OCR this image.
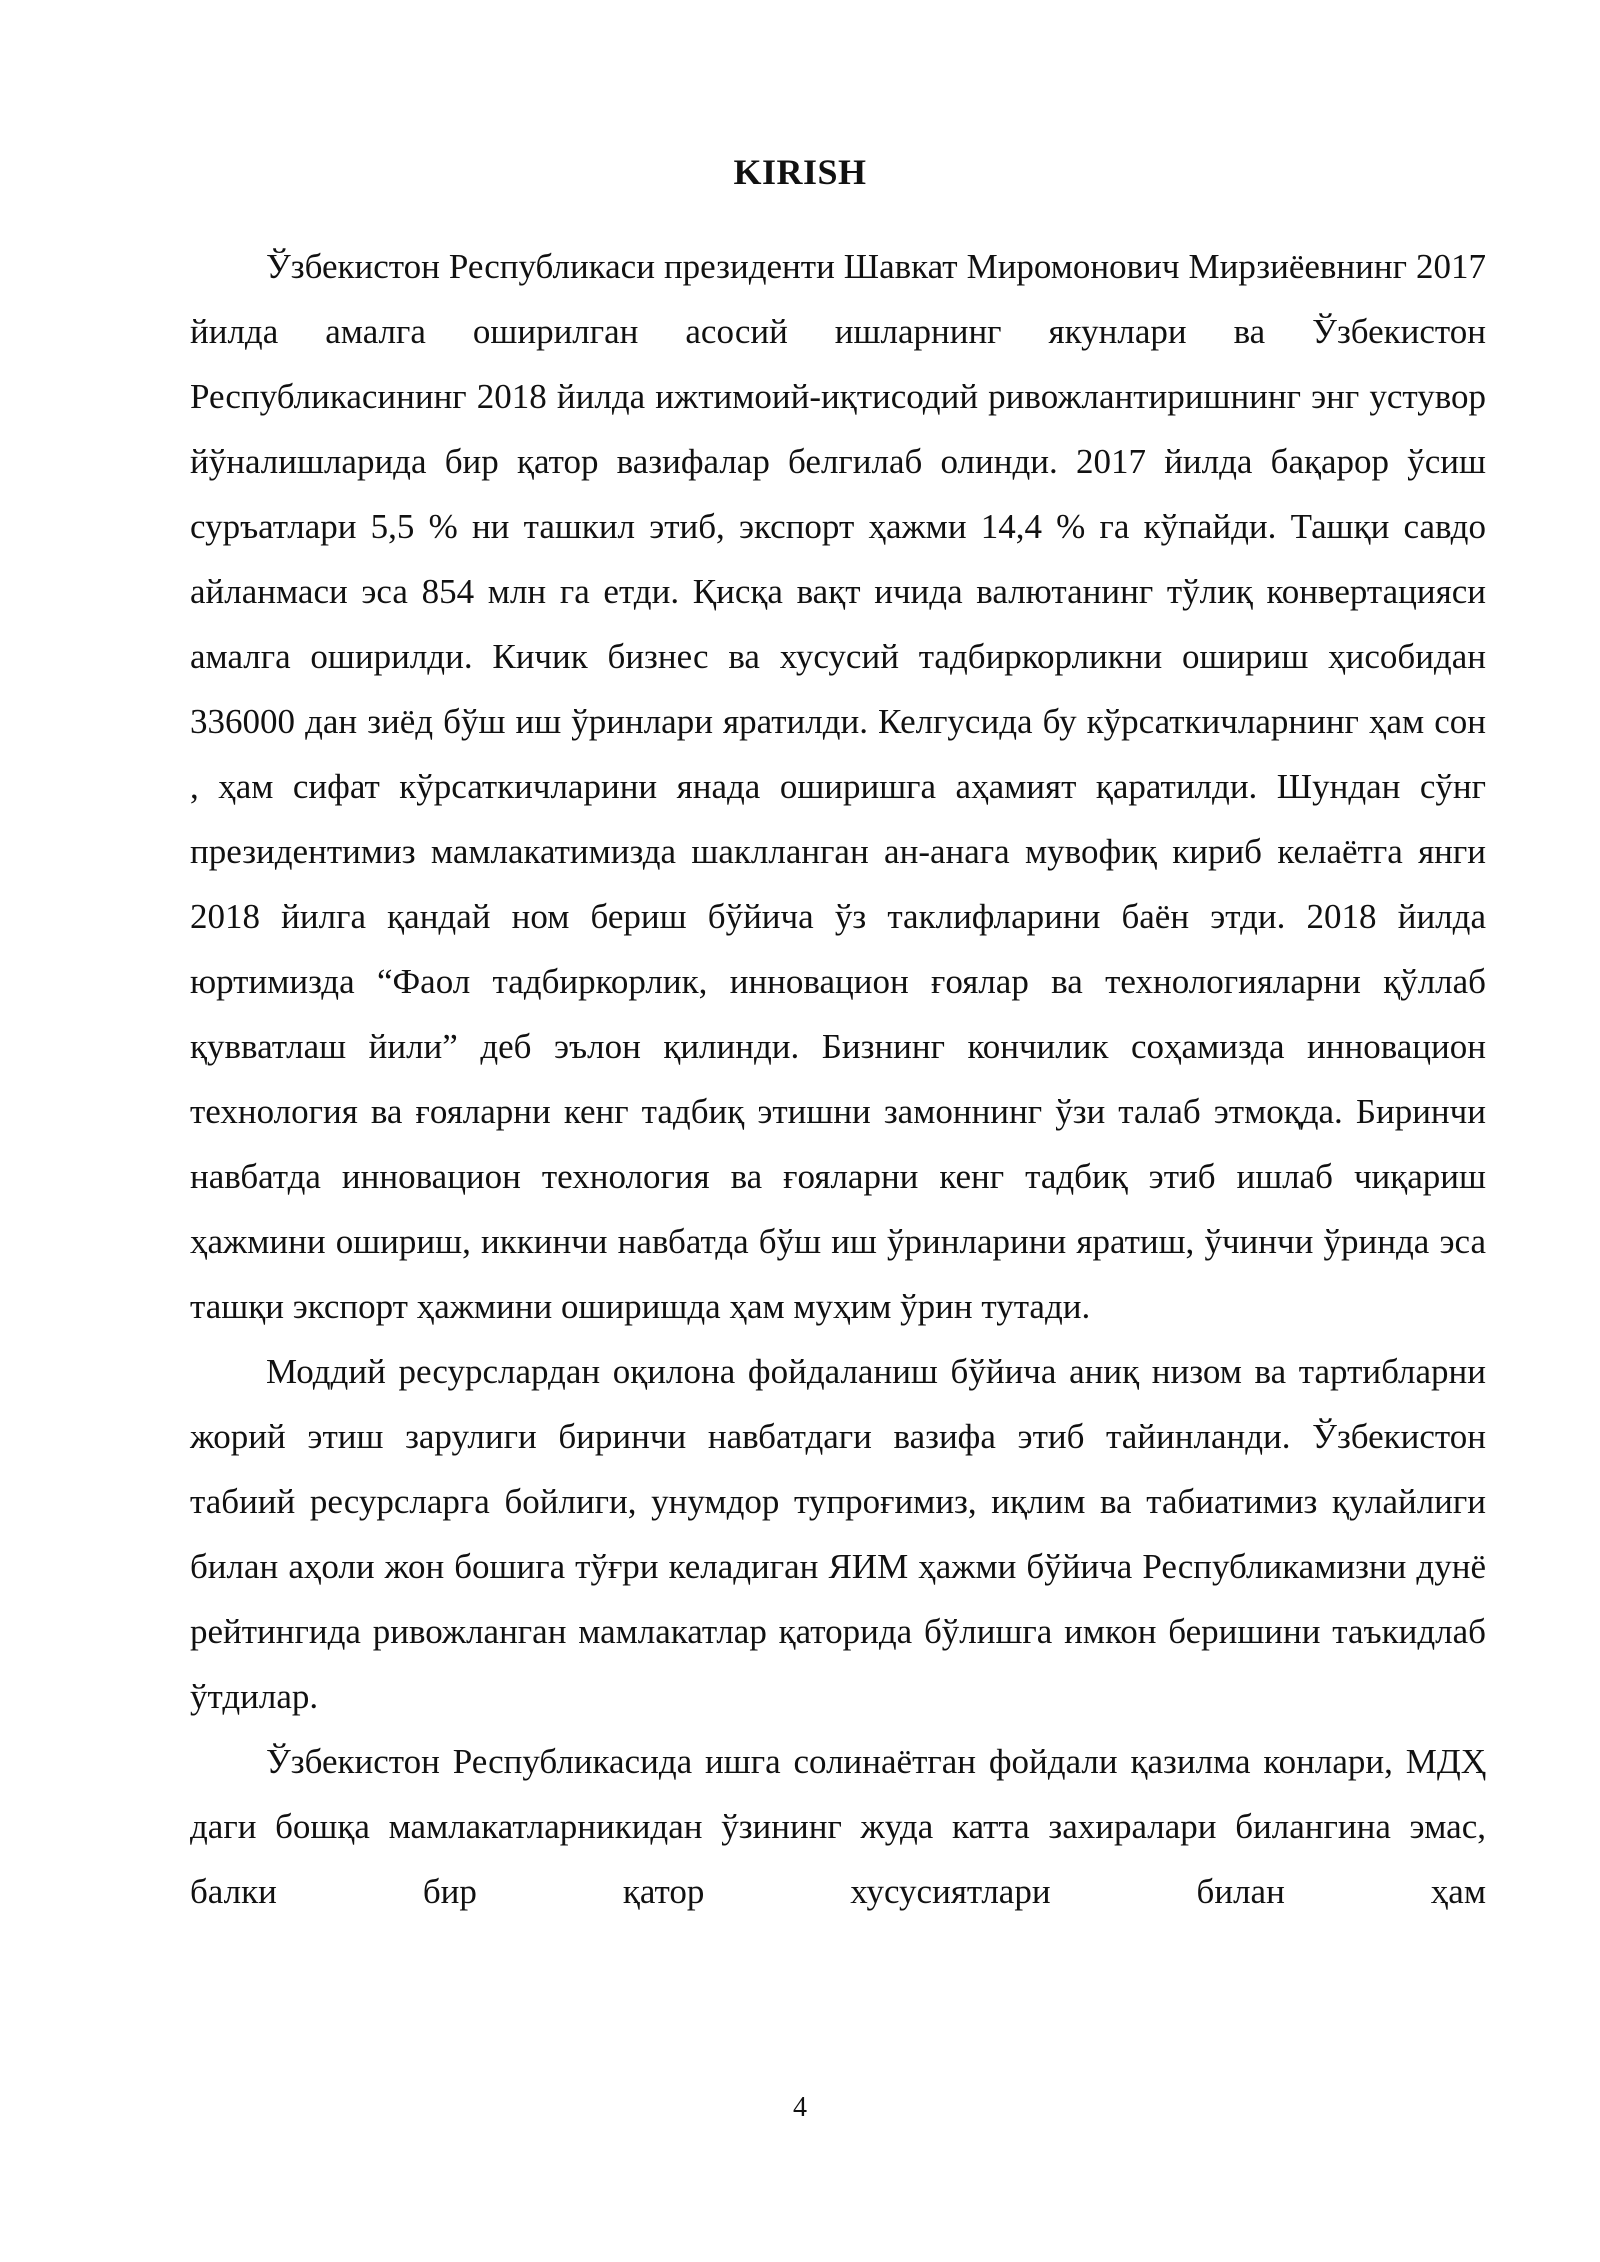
KIRISH

Ўзбекистон Республикаси президенти Шавкат Миромонович Мирзиёевнинг 2017 йилда амалга оширилган асосий ишларнинг якунлари ва Ўзбекистон Республикасининг 2018 йилда ижтимоий-иқтисодий ривожлантиришнинг энг устувор йўналишларида бир қатор вазифалар белгилаб олинди. 2017 йилда бақарор ўсиш суръатлари 5,5 % ни ташкил этиб, экспорт ҳажми 14,4 % га кўпайди. Ташқи савдо айланмаси эса 854 млн га етди. Қисқа вақт ичида валютанинг тўлиқ конвертацияси амалга оширилди. Кичик бизнес ва хусусий тадбиркорликни ошириш ҳисобидан 336000 дан зиёд бўш иш ўринлари яратилди. Келгусида бу кўрсаткичларнинг ҳам сон , ҳам сифат кўрсаткичларини янада оширишга аҳамият қаратилди. Шундан сўнг президентимиз мамлакатимизда шаклланган ан-анага мувофиқ кириб келаётга янги 2018 йилга қандай ном бериш бўйича ўз таклифларини баён этди. 2018 йилда юртимизда “Фаол тадбиркорлик, инновацион ғоялар ва технологияларни қўллаб қувватлаш йили” деб эълон қилинди. Бизнинг кончилик соҳамизда инновацион технология ва ғояларни кенг тадбиқ этишни замоннинг ўзи талаб этмоқда. Биринчи навбатда инновацион технология ва ғояларни кенг тадбиқ этиб ишлаб чиқариш ҳажмини ошириш, иккинчи навбатда бўш иш ўринларини яратиш, ўчинчи ўринда эса ташқи экспорт ҳажмини оширишда ҳам муҳим ўрин тутади.

Моддий ресурслардан оқилона фойдаланиш бўйича аниқ низом ва тартибларни жорий этиш зарулиги биринчи навбатдаги вазифа этиб тайинланди. Ўзбекистон табиий ресурсларга бойлиги, унумдор тупроғимиз, иқлим ва табиатимиз қулайлиги билан аҳоли жон бошига тўғри келадиган ЯИМ ҳажми бўйича Республикамизни дунё рейтингида ривожланган мамлакатлар қаторида бўлишга имкон беришини таъкидлаб ўтдилар.

Ўзбекистон Республикасида ишга солинаётган фойдали қазилма конлари, МДҲ даги бошқа мамлакатларникидан ўзининг жуда катта захиралари билангина эмас, балки бир қатор хусусиятлари билан ҳам

4
